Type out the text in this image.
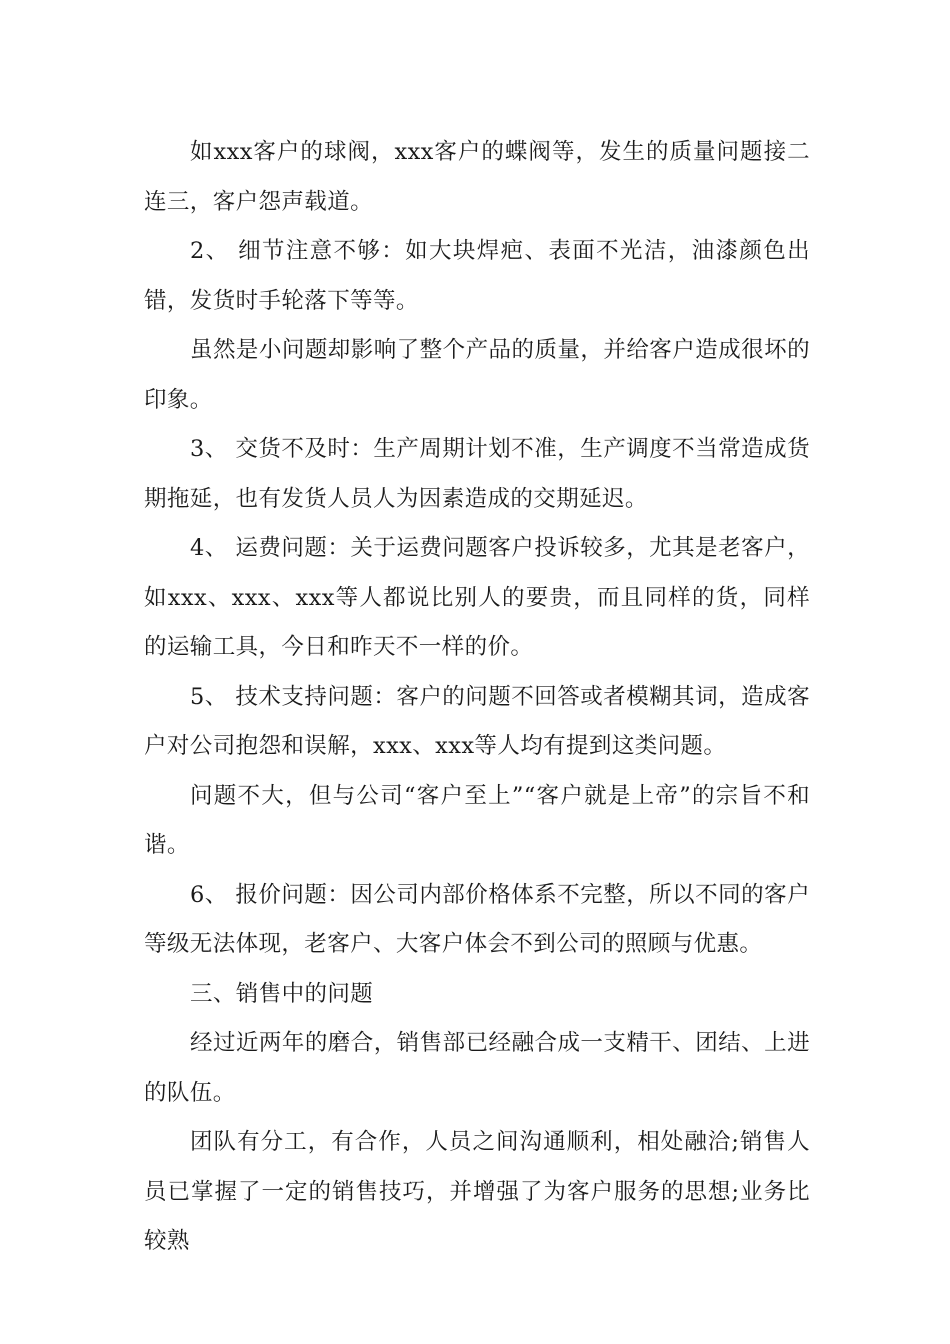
如xxx客户的球阀，xxx客户的蝶阀等，发生的质量问题接二连三，客户怨声载道。

2、 细节注意不够：如大块焊疤、表面不光洁，油漆颜色出错，发货时手轮落下等等。

虽然是小问题却影响了整个产品的质量，并给客户造成很坏的印象。

3、 交货不及时：生产周期计划不准，生产调度不当常造成货期拖延，也有发货人员人为因素造成的交期延迟。

4、 运费问题：关于运费问题客户投诉较多，尤其是老客户，如xxx、xxx、xxx等人都说比别人的要贵，而且同样的货，同样的运输工具，今日和昨天不一样的价。

5、 技术支持问题：客户的问题不回答或者模糊其词，造成客户对公司抱怨和误解，xxx、xxx等人均有提到这类问题。

问题不大，但与公司“客户至上”“客户就是上帝”的宗旨不和谐。

6、 报价问题：因公司内部价格体系不完整，所以不同的客户等级无法体现，老客户、大客户体会不到公司的照顾与优惠。

三、销售中的问题

经过近两年的磨合，销售部已经融合成一支精干、团结、上进的队伍。

团队有分工，有合作，人员之间沟通顺利，相处融洽;销售人员已掌握了一定的销售技巧，并增强了为客户服务的思想;业务比较熟
